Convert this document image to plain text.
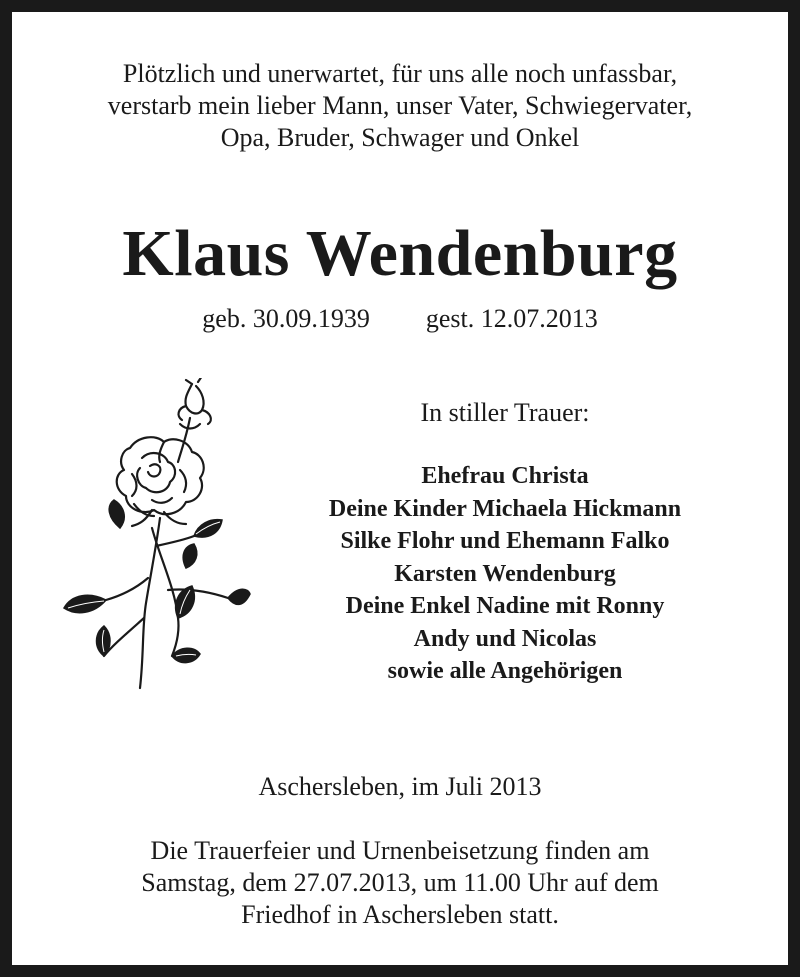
Plötzlich und unerwartet, für uns alle noch unfassbar,
verstarb mein lieber Mann, unser Vater, Schwiegervater,
Opa, Bruder, Schwager und Onkel
Klaus Wendenburg
geb. 30.09.1939 gest. 12.07.2013
In stiller Trauer:
Ehefrau Christa
Deine Kinder Michaela Hickmann
Silke Flohr und Ehemann Falko
Karsten Wendenburg
Deine Enkel Nadine mit Ronny
Andy und Nicolas
sowie alle Angehörigen
Aschersleben, im Juli 2013
Die Trauerfeier und Urnenbeisetzung finden am
Samstag, dem 27.07.2013, um 11.00 Uhr auf dem
Friedhof in Aschersleben statt.
